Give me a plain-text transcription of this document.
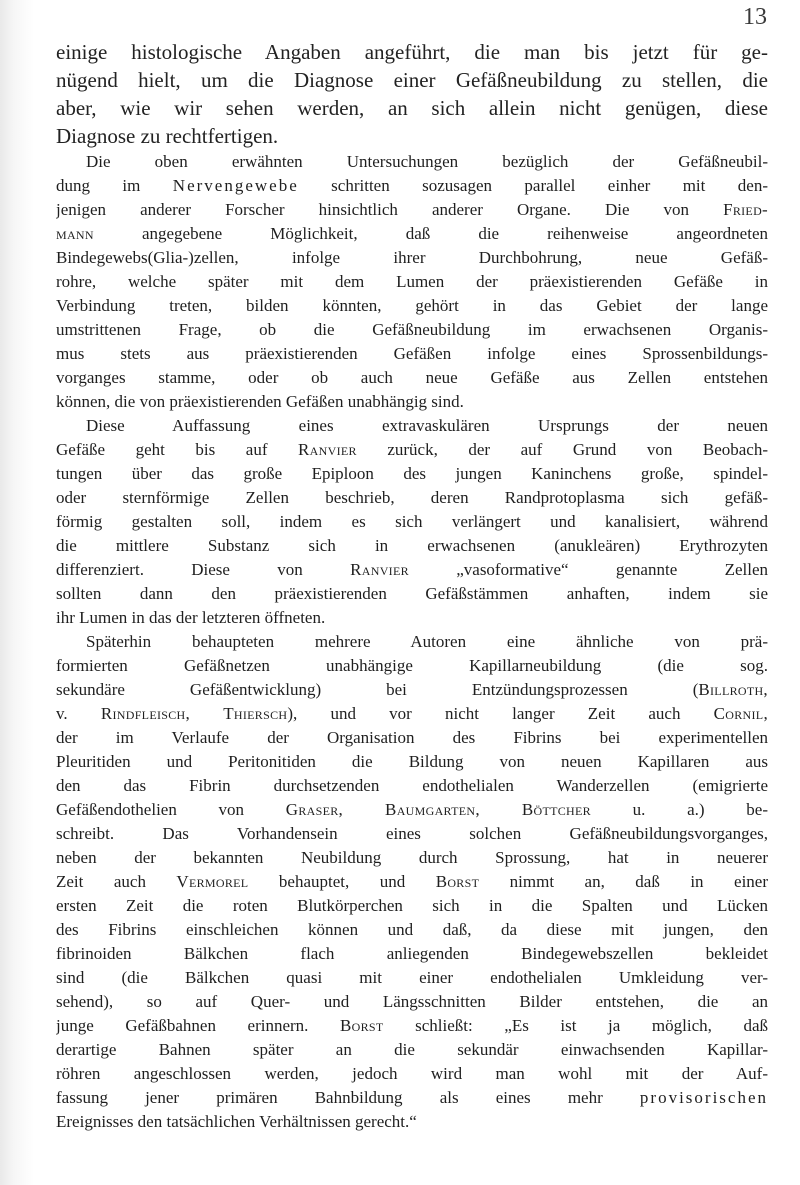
13
einige histologische Angaben angeführt, die man bis jetzt für ge-
nügend hielt, um die Diagnose einer Gefäßneubildung zu stellen, die
aber, wie wir sehen werden, an sich allein nicht genügen, diese
Diagnose zu rechtfertigen.
Die oben erwähnten Untersuchungen bezüglich der Gefäßneubil-
dung im Nervengewebe schritten sozusagen parallel einher mit den-
jenigen anderer Forscher hinsichtlich anderer Organe. Die von Fried-
mann angegebene Möglichkeit, daß die reihenweise angeordneten
Bindegewebs(Glia-)zellen, infolge ihrer Durchbohrung, neue Gefäß-
rohre, welche später mit dem Lumen der präexistierenden Gefäße in
Verbindung treten, bilden könnten, gehört in das Gebiet der lange
umstrittenen Frage, ob die Gefäßneubildung im erwachsenen Organis-
mus stets aus präexistierenden Gefäßen infolge eines Sprossenbildungs-
vorganges stamme, oder ob auch neue Gefäße aus Zellen entstehen
können, die von präexistierenden Gefäßen unabhängig sind.
Diese Auffassung eines extravaskulären Ursprungs der neuen
Gefäße geht bis auf Ranvier zurück, der auf Grund von Beobach-
tungen über das große Epiploon des jungen Kaninchens große, spindel-
oder sternförmige Zellen beschrieb, deren Randprotoplasma sich gefäß-
förmig gestalten soll, indem es sich verlängert und kanalisiert, während
die mittlere Substanz sich in erwachsenen (anukleären) Erythrozyten
differenziert. Diese von Ranvier „vasoformative“ genannte Zellen
sollten dann den präexistierenden Gefäßstämmen anhaften, indem sie
ihr Lumen in das der letzteren öffneten.
Späterhin behaupteten mehrere Autoren eine ähnliche von prä-
formierten Gefäßnetzen unabhängige Kapillarneubildung (die sog.
sekundäre Gefäßentwicklung) bei Entzündungsprozessen (Billroth,
v. Rindfleisch, Thiersch), und vor nicht langer Zeit auch Cornil,
der im Verlaufe der Organisation des Fibrins bei experimentellen
Pleuritiden und Peritonitiden die Bildung von neuen Kapillaren aus
den das Fibrin durchsetzenden endothelialen Wanderzellen (emigrierte
Gefäßendothelien von Graser, Baumgarten, Böttcher u. a.) be-
schreibt. Das Vorhandensein eines solchen Gefäßneubildungsvorganges,
neben der bekannten Neubildung durch Sprossung, hat in neuerer
Zeit auch Vermorel behauptet, und Borst nimmt an, daß in einer
ersten Zeit die roten Blutkörperchen sich in die Spalten und Lücken
des Fibrins einschleichen können und daß, da diese mit jungen, den
fibrinoiden Bälkchen flach anliegenden Bindegewebszellen bekleidet
sind (die Bälkchen quasi mit einer endothelialen Umkleidung ver-
sehend), so auf Quer- und Längsschnitten Bilder entstehen, die an
junge Gefäßbahnen erinnern. Borst schließt: „Es ist ja möglich, daß
derartige Bahnen später an die sekundär einwachsenden Kapillar-
röhren angeschlossen werden, jedoch wird man wohl mit der Auf-
fassung jener primären Bahnbildung als eines mehr provisorischen
Ereignisses den tatsächlichen Verhältnissen gerecht.“
